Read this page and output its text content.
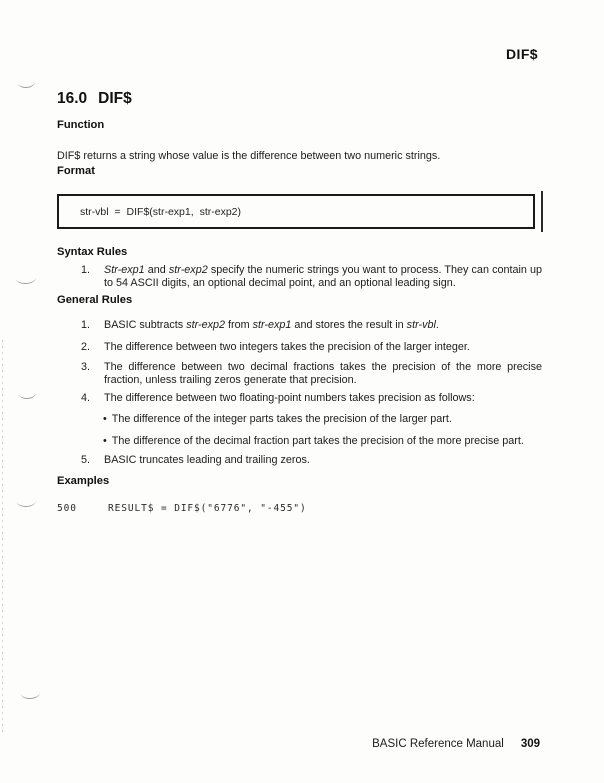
DIF$
16.0 DIF$
Function

DIF$ returns a string whose value is the difference between two numeric strings.

Format
str-vbl = DIF$(str-exp1, str-exp2)
Syntax Rules
1. Str-exp1 and str-exp2 specify the numeric strings you want to process. They can contain up to 54 ASCII digits, an optional decimal point, and an optional leading sign.
General Rules
1. BASIC subtracts str-exp2 from str-exp1 and stores the result in str-vbl.
2. The difference between two integers takes the precision of the larger integer.
3. The difference between two decimal fractions takes the precision of the more precise fraction, unless trailing zeros generate that precision.
4. The difference between two floating-point numbers takes precision as follows:
• The difference of the integer parts takes the precision of the larger part.
• The difference of the decimal fraction part takes the precision of the more precise part.
5. BASIC truncates leading and trailing zeros.
Examples
500	RESULT$ = DIF$("6776", "-455")
BASIC Reference Manual 309
